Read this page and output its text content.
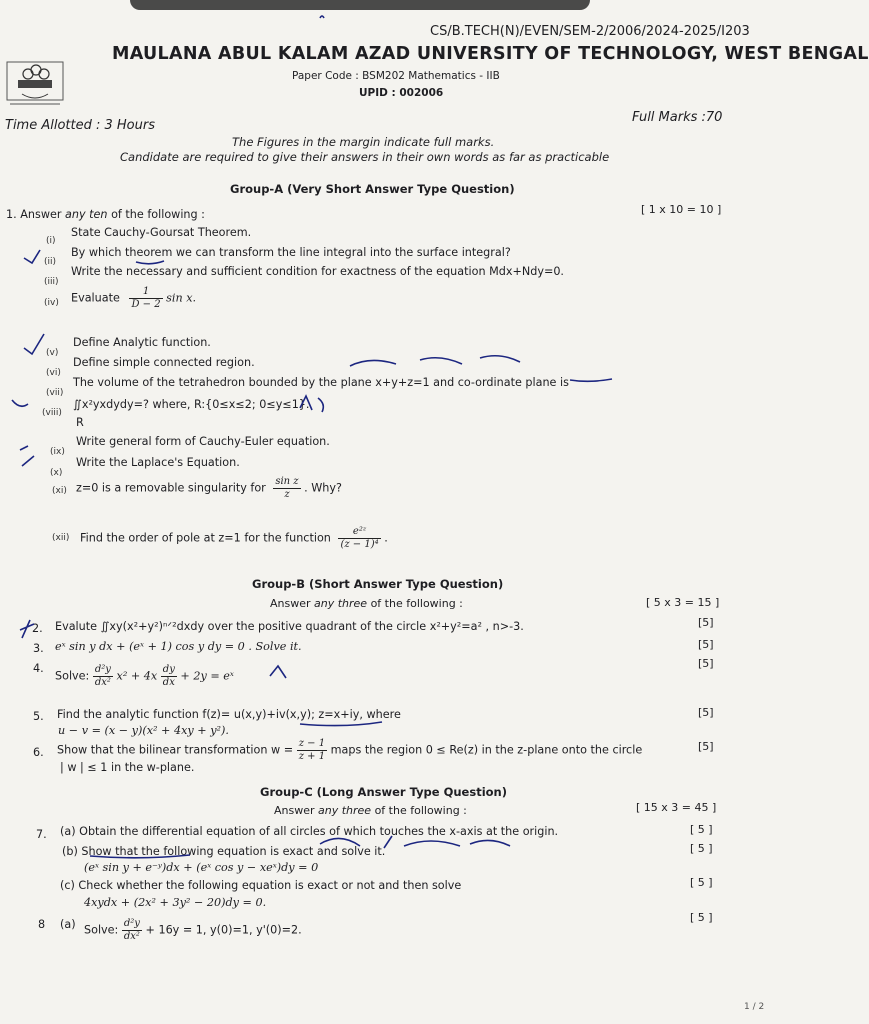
CS/B.TECH(N)/EVEN/SEM-2/2006/2024-2025/I203
MAULANA ABUL KALAM AZAD UNIVERSITY OF TECHNOLOGY, WEST BENGAL
Paper Code : BSM202 Mathematics - IIB
UPID : 002006
Time Allotted : 3 Hours
Full Marks :70
The Figures in the margin indicate full marks.
Candidate are required to give their answers in their own words as far as practicable
Group-A (Very Short Answer Type Question)
1. Answer any ten of the following :	[ 1 x 10 = 10 ]
(i)
State Cauchy-Goursat Theorem.
(ii)
By which theorem we can transform the line integral into the surface integral?
(iii)
Write the necessary and sufficient condition for exactness of the equation Mdx+Ndy=0.
(iv) Evaluate $\frac{1}{D - 2}$ sin x.
(v)
Define Analytic function.
(vi)
Define simple connected region.
(vii)
The volume of the tetrahedron bounded by the plane x+y+z=1 and co-ordinate plane is
(viii)
∬x²yxdydy=? where, R:{0≤x≤2; 0≤y≤1}.
R
(ix)
Write general form of Cauchy-Euler equation.
(x)
Write the Laplace's Equation.
(xi) z=0 is a removable singularity for $\frac{\text{sin z}}{z}$ . Why?
(xii) Find the order of pole at z=1 for the function $\frac{\text{e²ᶻ}}{\text{(z − 1)⁴}}$ .
Group-B (Short Answer Type Question)
Answer any three of the following :	[ 5 x 3 = 15 ]
2. Evalute ∬xy(x²+y²)ⁿᐟ²dxdy over the positive quadrant of the circle x²+y²=a² , n>-3.	[5]
3. eˣ sin y dx + (eˣ + 1) cos y dy = 0 . Solve it.	[5]
4.
Solve: $\frac{\text{d²y}}{\text{dx²}} x^2 + 4x \frac{dy}{dx} + 2y$ = eˣ
[5]
5. Find the analytic function f(z)= u(x,y)+iv(x,y); z=x+iy, where
u − v = (x − y)(x² + 4xy + y²).
[5]
6. Show that the bilinear transformation $w = \frac{z - 1}{z + 1}$ maps the region 0 ≤ Re(z) in the z-plane onto the circle
| w | ≤ 1 in the w-plane.
[5]
Group-C (Long Answer Type Question)
Answer any three of the following :	[ 15 x 3 = 45 ]
7. (a) Obtain the differential equation of all circles of which touches the x-axis at the origin.	[ 5 ]
(b) Show that the following equation is exact and solve it.	[ 5 ]
(eˣ sin y + e⁻ʸ)dx + (eˣ cos y − xeˣ)dy = 0
(c) Check whether the following equation is exact or not and then solve	[ 5 ]
4xydx + (2x² + 3y² − 20)dy = 0.
8 (a) Solve: $\frac{\text{d²y}}{\text{dx²}} + 16y = 1$, y(0)=1, y'(0)=2.
[ 5 ]
1 / 2
